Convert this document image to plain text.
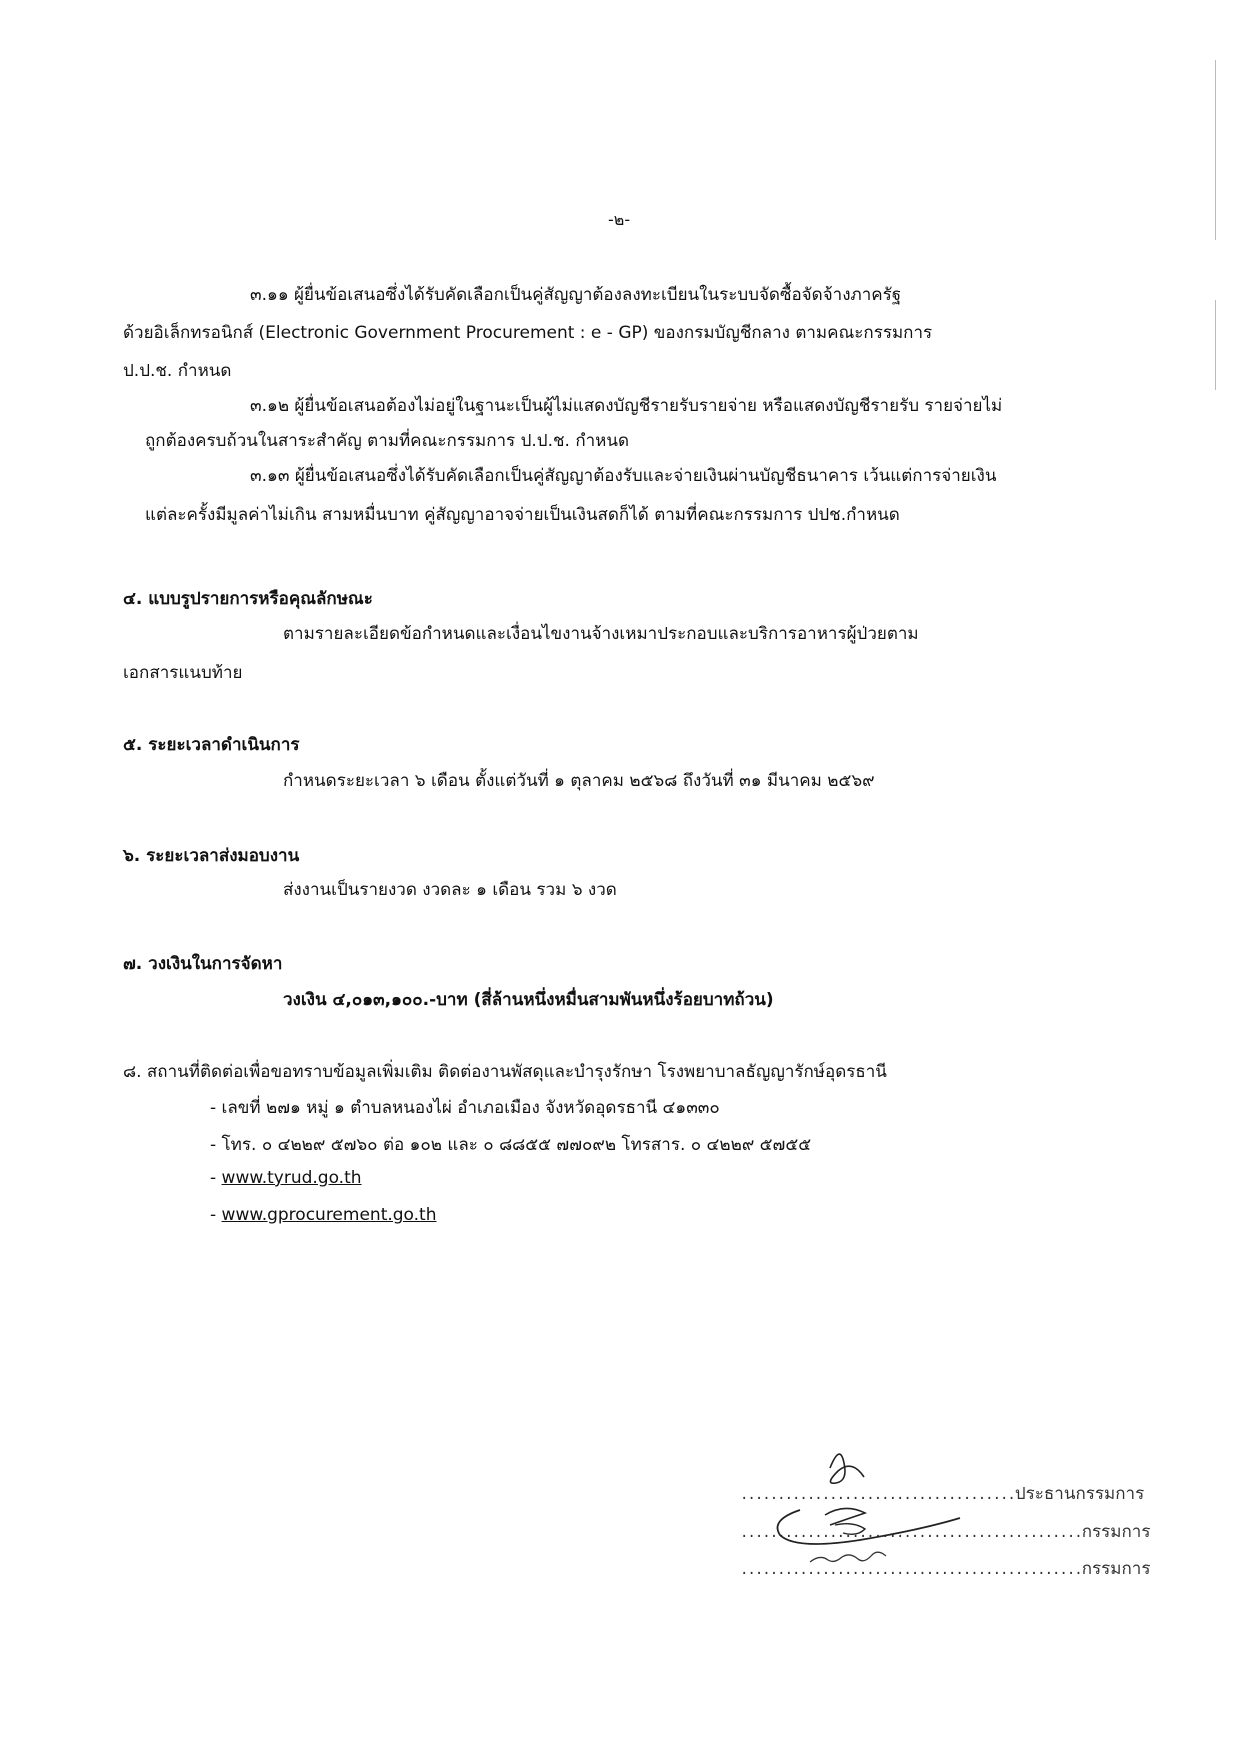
-๒-
๓.๑๑ ผู้ยื่นข้อเสนอซึ่งได้รับคัดเลือกเป็นคู่สัญญาต้องลงทะเบียนในระบบจัดซื้อจัดจ้างภาครัฐ
ด้วยอิเล็กทรอนิกส์ (Electronic Government Procurement : e - GP) ของกรมบัญชีกลาง ตามคณะกรรมการ
ป.ป.ช. กำหนด
๓.๑๒ ผู้ยื่นข้อเสนอต้องไม่อยู่ในฐานะเป็นผู้ไม่แสดงบัญชีรายรับรายจ่าย หรือแสดงบัญชีรายรับ รายจ่ายไม่
ถูกต้องครบถ้วนในสาระสำคัญ ตามที่คณะกรรมการ ป.ป.ช. กำหนด
๓.๑๓ ผู้ยื่นข้อเสนอซึ่งได้รับคัดเลือกเป็นคู่สัญญาต้องรับและจ่ายเงินผ่านบัญชีธนาคาร เว้นแต่การจ่ายเงิน
แต่ละครั้งมีมูลค่าไม่เกิน สามหมื่นบาท คู่สัญญาอาจจ่ายเป็นเงินสดก็ได้ ตามที่คณะกรรมการ ปปช.กำหนด
๔. แบบรูปรายการหรือคุณลักษณะ
ตามรายละเอียดข้อกำหนดและเงื่อนไขงานจ้างเหมาประกอบและบริการอาหารผู้ป่วยตาม
เอกสารแนบท้าย
๕. ระยะเวลาดำเนินการ
กำหนดระยะเวลา ๖ เดือน ตั้งแต่วันที่ ๑ ตุลาคม ๒๕๖๘ ถึงวันที่ ๓๑ มีนาคม ๒๕๖๙
๖. ระยะเวลาส่งมอบงาน
ส่งงานเป็นรายงวด งวดละ ๑ เดือน รวม ๖ งวด
๗. วงเงินในการจัดหา
วงเงิน ๔,๐๑๓,๑๐๐.-บาท (สี่ล้านหนึ่งหมื่นสามพันหนึ่งร้อยบาทถ้วน)
๘. สถานที่ติดต่อเพื่อขอทราบข้อมูลเพิ่มเติม ติดต่องานพัสดุและบำรุงรักษา โรงพยาบาลธัญญารักษ์อุดรธานี
- เลขที่ ๒๗๑ หมู่ ๑ ตำบลหนองไผ่ อำเภอเมือง จังหวัดอุดรธานี ๔๑๓๓๐
- โทร. ๐ ๔๒๒๙ ๕๗๖๐ ต่อ ๑๐๒ และ ๐ ๘๘๕๕ ๗๗๐๙๒ โทรสาร. ๐ ๔๒๒๙ ๕๗๕๕
- www.tyrud.go.th
- www.gprocurement.go.th
.....................................ประธานกรรมการ
..............................................กรรมการ
..............................................กรรมการ
